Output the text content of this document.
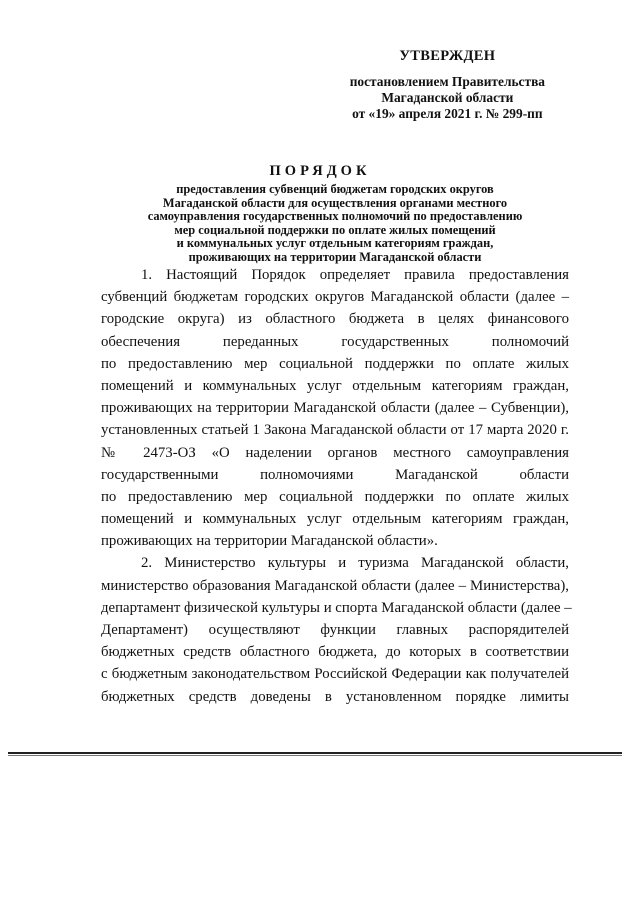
УТВЕРЖДЕН
постановлением Правительства
Магаданской области
от «19» апреля 2021 г. № 299-пп
ПОРЯДОК
предоставления субвенций бюджетам городских округов
Магаданской области для осуществления органами местного
самоуправления государственных полномочий по предоставлению
мер социальной поддержки по оплате жилых помещений
и коммунальных услуг отдельным категориям граждан,
проживающих на территории Магаданской области
1. Настоящий Порядок определяет правила предоставления
субвенций бюджетам городских округов Магаданской области (далее –
городские округа) из областного бюджета в целях финансового
обеспечения переданных государственных полномочий
по предоставлению мер социальной поддержки по оплате жилых
помещений и коммунальных услуг отдельным категориям граждан,
проживающих на территории Магаданской области (далее – Субвенции),
установленных статьей 1 Закона Магаданской области от 17 марта 2020 г.
№ 2473-ОЗ «О наделении органов местного самоуправления
государственными полномочиями Магаданской области
по предоставлению мер социальной поддержки по оплате жилых
помещений и коммунальных услуг отдельным категориям граждан,
проживающих на территории Магаданской области».
2. Министерство культуры и туризма Магаданской области,
министерство образования Магаданской области (далее – Министерства),
департамент физической культуры и спорта Магаданской области (далее –
Департамент) осуществляют функции главных распорядителей
бюджетных средств областного бюджета, до которых в соответствии
с бюджетным законодательством Российской Федерации как получателей
бюджетных средств доведены в установленном порядке лимиты
